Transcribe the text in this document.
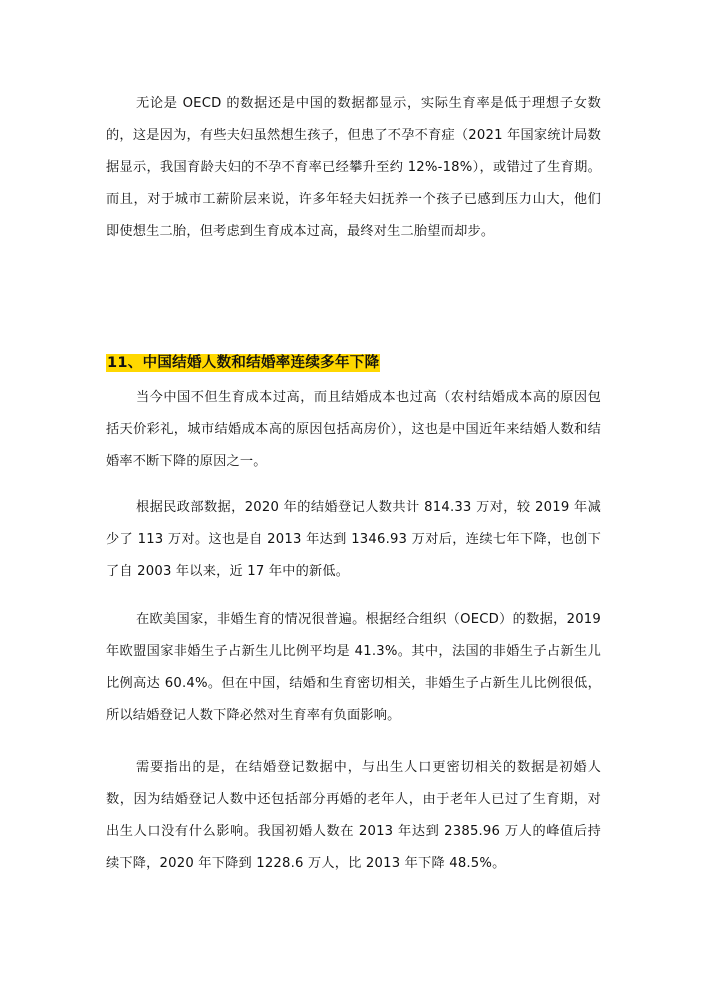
无论是 OECD 的数据还是中国的数据都显示，实际生育率是低于理想子女数的，这是因为，有些夫妇虽然想生孩子，但患了不孕不育症（2021 年国家统计局数据显示，我国育龄夫妇的不孕不育率已经攀升至约 12%-18%），或错过了生育期。而且，对于城市工薪阶层来说，许多年轻夫妇抚养一个孩子已感到压力山大，他们即使想生二胎，但考虑到生育成本过高，最终对生二胎望而却步。

11、中国结婚人数和结婚率连续多年下降

当今中国不但生育成本过高，而且结婚成本也过高（农村结婚成本高的原因包括天价彩礼，城市结婚成本高的原因包括高房价），这也是中国近年来结婚人数和结婚率不断下降的原因之一。

根据民政部数据，2020 年的结婚登记人数共计 814.33 万对，较 2019 年减少了 113 万对。这也是自 2013 年达到 1346.93 万对后，连续七年下降，也创下了自 2003 年以来，近 17 年中的新低。

在欧美国家，非婚生育的情况很普遍。根据经合组织（OECD）的数据，2019 年欧盟国家非婚生子占新生儿比例平均是 41.3%。其中，法国的非婚生子占新生儿比例高达 60.4%。但在中国，结婚和生育密切相关，非婚生子占新生儿比例很低，所以结婚登记人数下降必然对生育率有负面影响。

需要指出的是，在结婚登记数据中，与出生人口更密切相关的数据是初婚人数，因为结婚登记人数中还包括部分再婚的老年人，由于老年人已过了生育期，对出生人口没有什么影响。我国初婚人数在 2013 年达到 2385.96 万人的峰值后持续下降，2020 年下降到 1228.6 万人，比 2013 年下降 48.5%。
